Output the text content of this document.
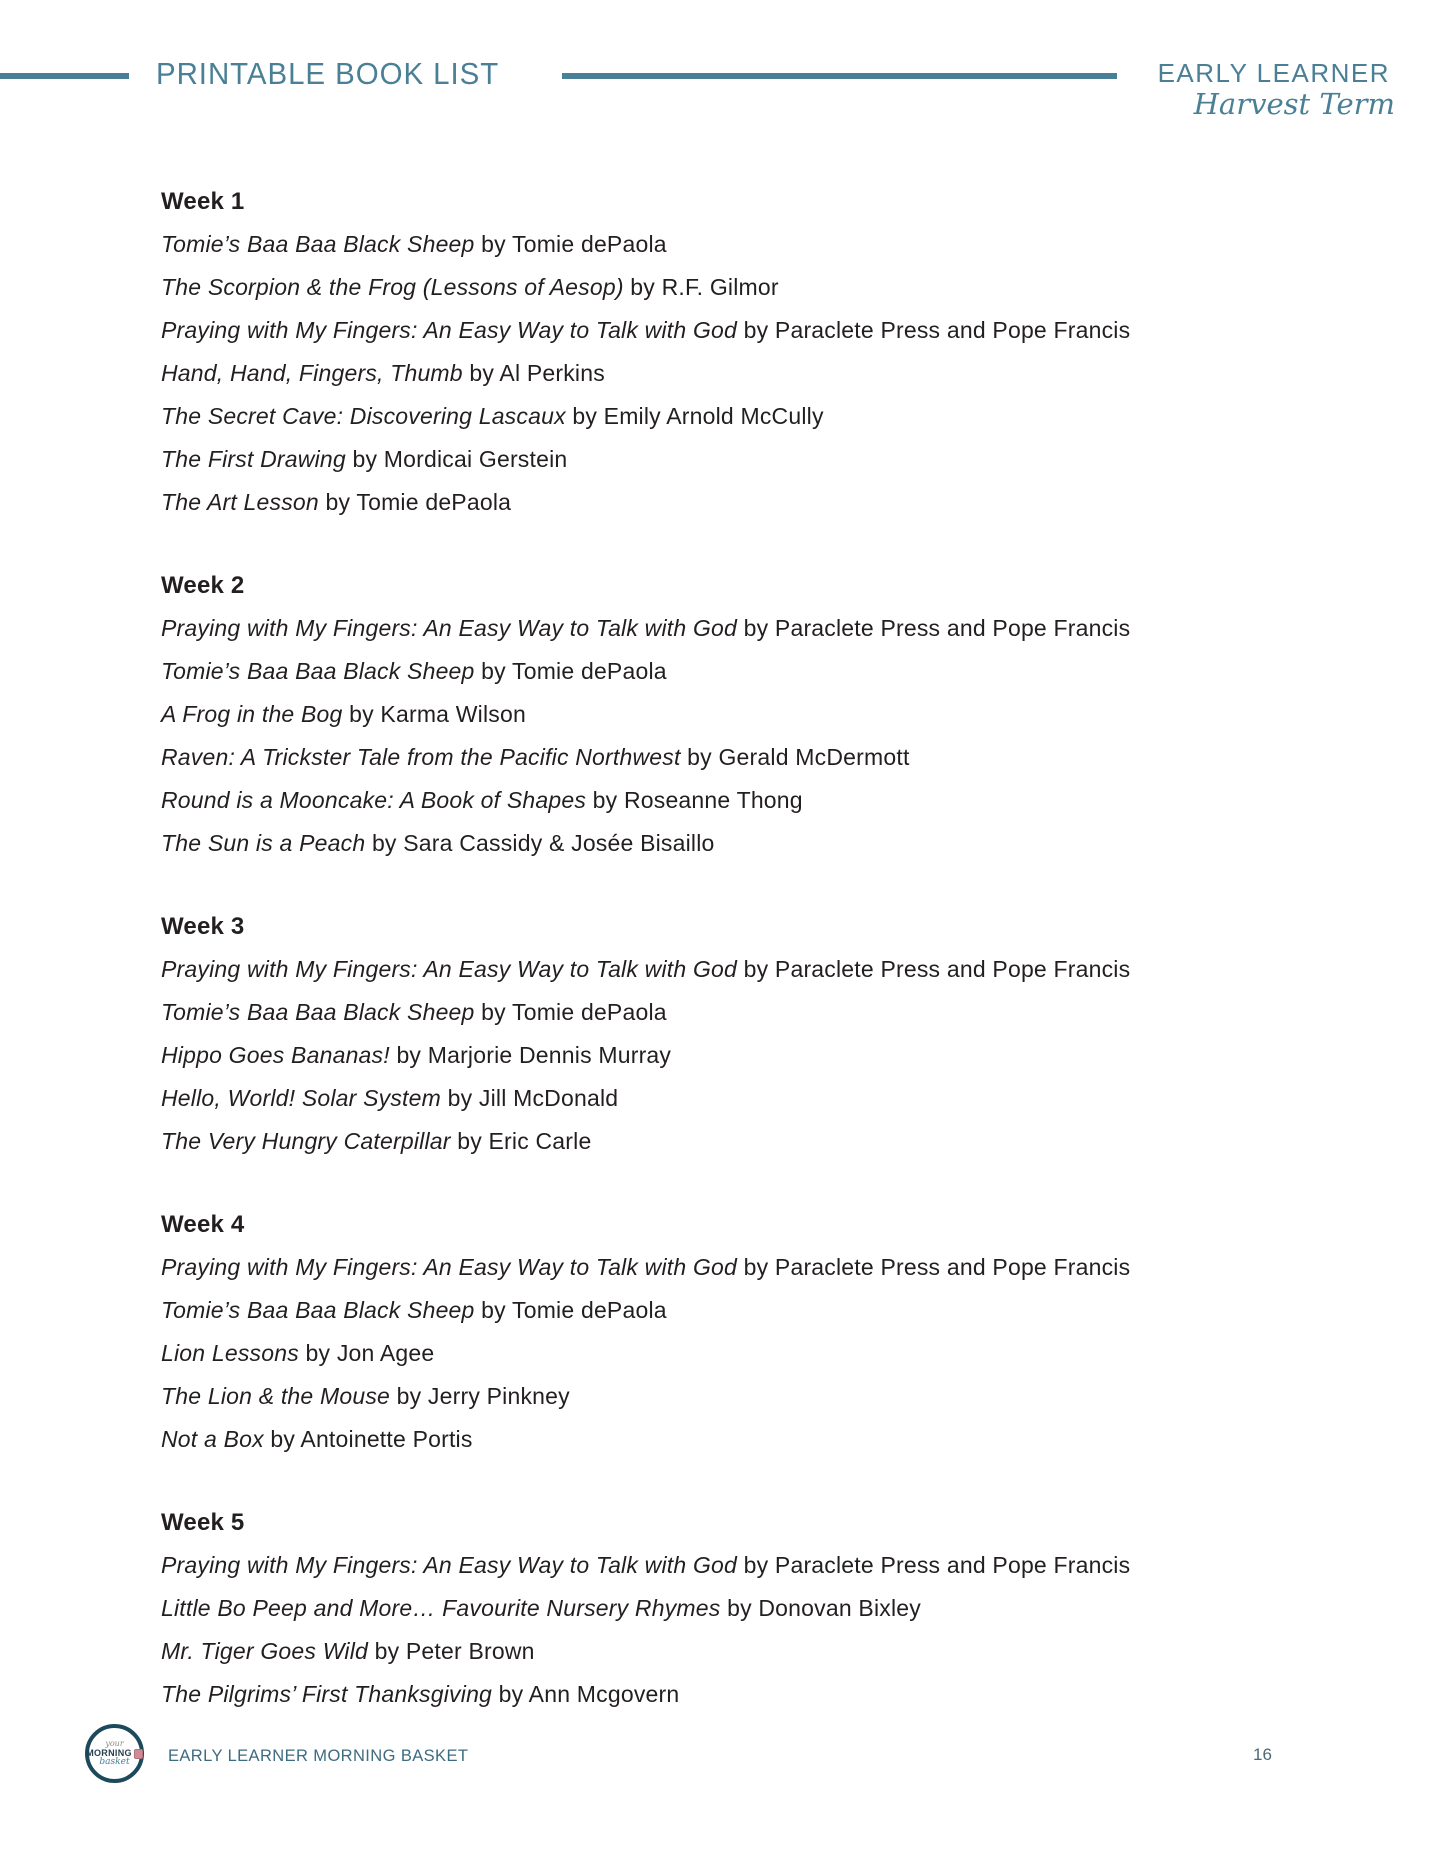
PRINTABLE BOOK LIST	EARLY LEARNER
Harvest Term
Week 1

Tomie’s Baa Baa Black Sheep by Tomie dePaola

The Scorpion & the Frog (Lessons of Aesop) by R.F. Gilmor

Praying with My Fingers: An Easy Way to Talk with God by Paraclete Press and Pope Francis

Hand, Hand, Fingers, Thumb by Al Perkins

The Secret Cave: Discovering Lascaux by Emily Arnold McCully

The First Drawing by Mordicai Gerstein

The Art Lesson by Tomie dePaola

Week 2

Praying with My Fingers: An Easy Way to Talk with God by Paraclete Press and Pope Francis

Tomie’s Baa Baa Black Sheep by Tomie dePaola

A Frog in the Bog by Karma Wilson

Raven: A Trickster Tale from the Pacific Northwest by Gerald McDermott

Round is a Mooncake: A Book of Shapes by Roseanne Thong

The Sun is a Peach by Sara Cassidy & Josée Bisaillo

Week 3

Praying with My Fingers: An Easy Way to Talk with God by Paraclete Press and Pope Francis

Tomie’s Baa Baa Black Sheep by Tomie dePaola

Hippo Goes Bananas! by Marjorie Dennis Murray

Hello, World! Solar System by Jill McDonald

The Very Hungry Caterpillar by Eric Carle

Week 4

Praying with My Fingers: An Easy Way to Talk with God by Paraclete Press and Pope Francis

Tomie’s Baa Baa Black Sheep by Tomie dePaola

Lion Lessons by Jon Agee

The Lion & the Mouse by Jerry Pinkney

Not a Box by Antoinette Portis

Week 5

Praying with My Fingers: An Easy Way to Talk with God by Paraclete Press and Pope Francis

Little Bo Peep and More… Favourite Nursery Rhymes by Donovan Bixley

Mr. Tiger Goes Wild by Peter Brown

The Pilgrims’ First Thanksgiving by Ann Mcgovern

your
MORNING
basket EARLY LEARNER MORNING BASKET	16
